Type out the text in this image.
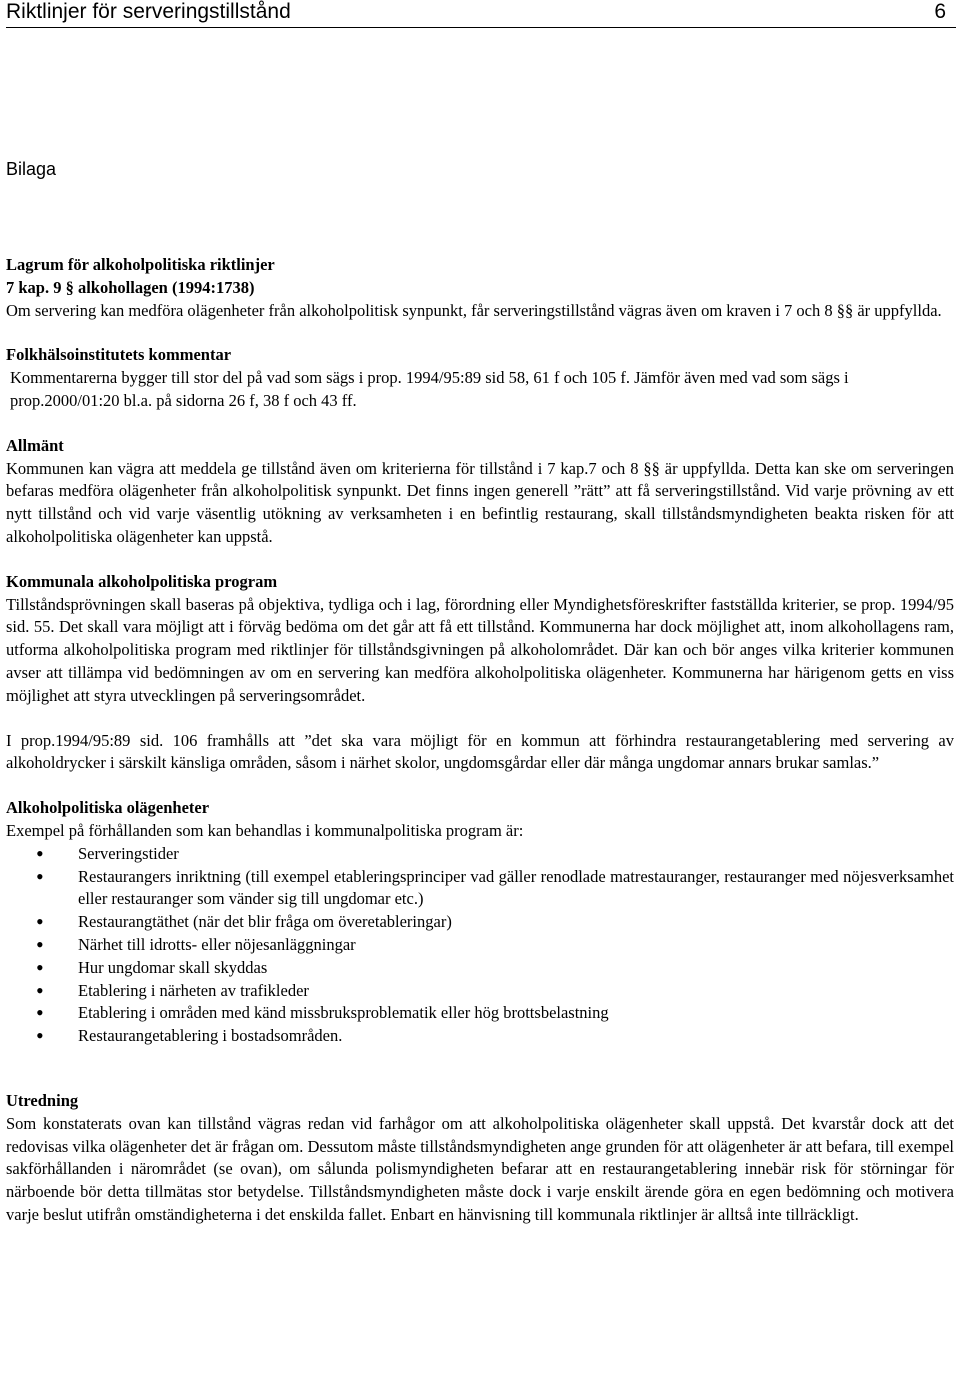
Riktlinjer för serveringstillstånd	6
Bilaga
Lagrum för alkoholpolitiska riktlinjer
7 kap. 9 § alkohollagen (1994:1738)

Om servering kan medföra olägenheter från alkoholpolitisk synpunkt, får serveringstillstånd vägras även om kraven i 7 och 8 §§ är uppfyllda.

Folkhälsoinstitutets kommentar

Kommentarerna bygger till stor del på vad som sägs i prop. 1994/95:89 sid 58, 61 f och 105 f. Jämför även med vad som sägs i prop.2000/01:20 bl.a. på sidorna 26 f, 38 f och 43 ff.

Allmänt

Kommunen kan vägra att meddela ge tillstånd även om kriterierna för tillstånd i 7 kap.7 och 8 §§ är uppfyllda. Detta kan ske om serveringen befaras medföra olägenheter från alkoholpolitisk synpunkt. Det finns ingen generell ”rätt” att få serveringstillstånd. Vid varje prövning av ett nytt tillstånd och vid varje väsentlig utökning av verksamheten i en befintlig restaurang, skall tillståndsmyndigheten beakta risken för att alkoholpolitiska olägenheter kan uppstå.

Kommunala alkoholpolitiska program

Tillståndsprövningen skall baseras på objektiva, tydliga och i lag, förordning eller Myndighetsföreskrifter fastställda kriterier, se prop. 1994/95 sid. 55. Det skall vara möjligt att i förväg bedöma om det går att få ett tillstånd. Kommunerna har dock möjlighet att, inom alkohollagens ram, utforma alkoholpolitiska program med riktlinjer för tillståndsgivningen på alkoholområdet. Där kan och bör anges vilka kriterier kommunen avser att tillämpa vid bedömningen av om en servering kan medföra alkoholpolitiska olägenheter. Kommunerna har härigenom getts en viss möjlighet att styra utvecklingen på serveringsområdet.

I prop.1994/95:89 sid. 106 framhålls att ”det ska vara möjligt för en kommun att förhindra restaurangetablering med servering av alkoholdrycker i särskilt känsliga områden, såsom i närhet skolor, ungdomsgårdar eller där många ungdomar annars brukar samlas.”

Alkoholpolitiska olägenheter

Exempel på förhållanden som kan behandlas i kommunalpolitiska program är:

• Serveringstider
• Restaurangers inriktning (till exempel etableringsprinciper vad gäller renodlade matrestauranger, restauranger med nöjesverksamhet eller restauranger som vänder sig till ungdomar etc.)
• Restaurangtäthet (när det blir fråga om överetableringar)
• Närhet till idrotts- eller nöjesanläggningar
• Hur ungdomar skall skyddas
• Etablering i närheten av trafikleder
• Etablering i områden med känd missbruksproblematik eller hög brottsbelastning
• Restaurangetablering i bostadsområden.
Utredning

Som konstaterats ovan kan tillstånd vägras redan vid farhågor om att alkoholpolitiska olägenheter skall uppstå. Det kvarstår dock att det redovisas vilka olägenheter det är frågan om. Dessutom måste tillståndsmyndigheten ange grunden för att olägenheter är att befara, till exempel sakförhållanden i närområdet (se ovan), om sålunda polismyndigheten befarar att en restaurangetablering innebär risk för störningar för närboende bör detta tillmätas stor betydelse. Tillståndsmyndigheten måste dock i varje enskilt ärende göra en egen bedömning och motivera varje beslut utifrån omständigheterna i det enskilda fallet. Enbart en hänvisning till kommunala riktlinjer är alltså inte tillräckligt.
